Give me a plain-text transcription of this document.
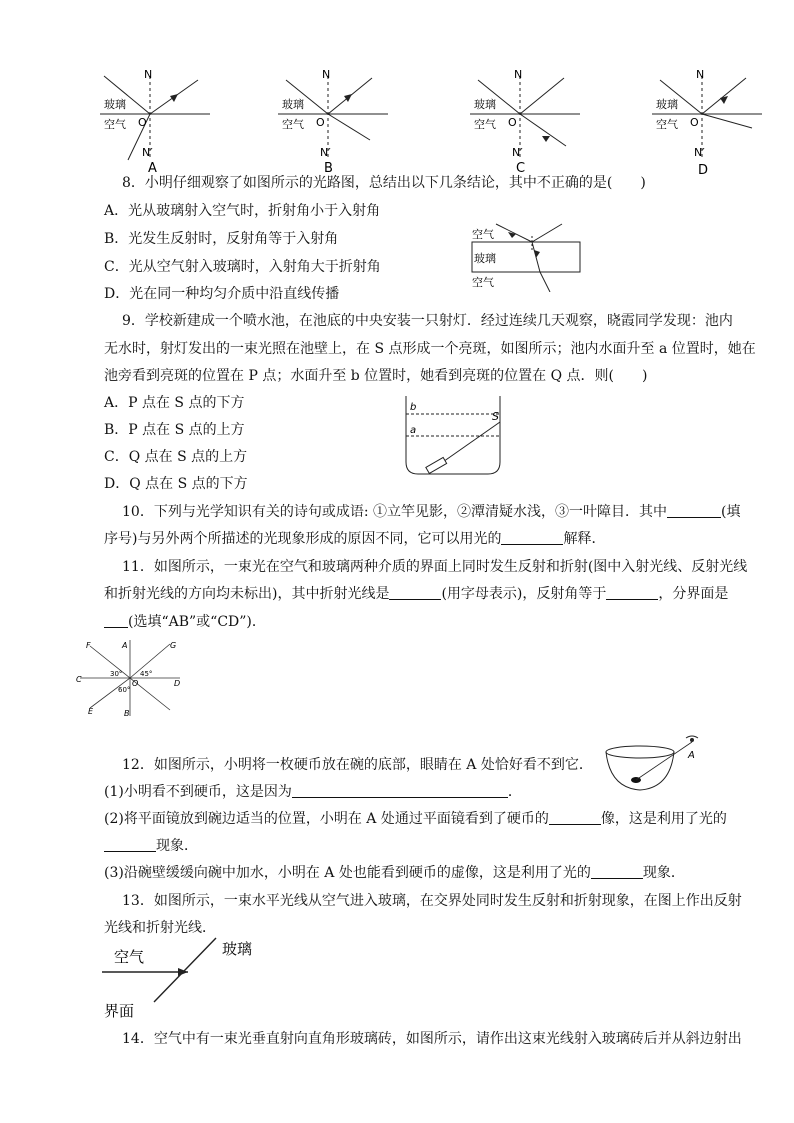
N
玻璃
空气 O
N′
A
N
玻璃
空气 O
N′
B
N
玻璃
空气 O
N′
C
N
玻璃
空气 O
N′
D
8．小明仔细观察了如图所示的光路图，总结出以下几条结论，其中不正确的是(　　)
A．光从玻璃射入空气时，折射角小于入射角
B．光发生反射时，反射角等于入射角
C．光从空气射入玻璃时，入射角大于折射角
D．光在同一种均匀介质中沿直线传播
空气
玻璃
空气
9．学校新建成一个喷水池，在池底的中央安装一只射灯．经过连续几天观察，晓霞同学发现：池内
无水时，射灯发出的一束光照在池壁上，在 S 点形成一个亮斑，如图所示；池内水面升至 a 位置时，她在
池旁看到亮斑的位置在 P 点；水面升至 b 位置时，她看到亮斑的位置在 Q 点．则(　　)
A．P 点在 S 点的下方
B．P 点在 S 点的上方
C．Q 点在 S 点的上方
D．Q 点在 S 点的下方
b
a
S
10．下列与光学知识有关的诗句或成语: ①立竿见影，②潭清疑水浅，③一叶障目．其中	(填
序号)与另外两个所描述的光现象形成的原因不同，它可以用光的	解释．
11．如图所示，一束光在空气和玻璃两种介质的界面上同时发生反射和折射(图中入射光线、反射光线
和折射光线的方向均未标出)，其中折射光线是	(用字母表示)，反射角等于	，分界面是
(选填“AB”或“CD”)．
F	A	G
C	O	D
E	B
30°	45°
60°
12．如图所示，小明将一枚硬币放在碗的底部，眼睛在 A 处恰好看不到它．
(1)小明看不到硬币，这是因为	．
(2)将平面镜放到碗边适当的位置，小明在 A 处通过平面镜看到了硬币的	像，这是利用了光的
现象．
(3)沿碗壁缓缓向碗中加水，小明在 A 处也能看到硬币的虚像，这是利用了光的	现象．
A
13．如图所示，一束水平光线从空气进入玻璃，在交界处同时发生反射和折射现象，在图上作出反射
光线和折射光线．
空气	玻璃
界面
14．空气中有一束光垂直射向直角形玻璃砖，如图所示，请作出这束光线射入玻璃砖后并从斜边射出
